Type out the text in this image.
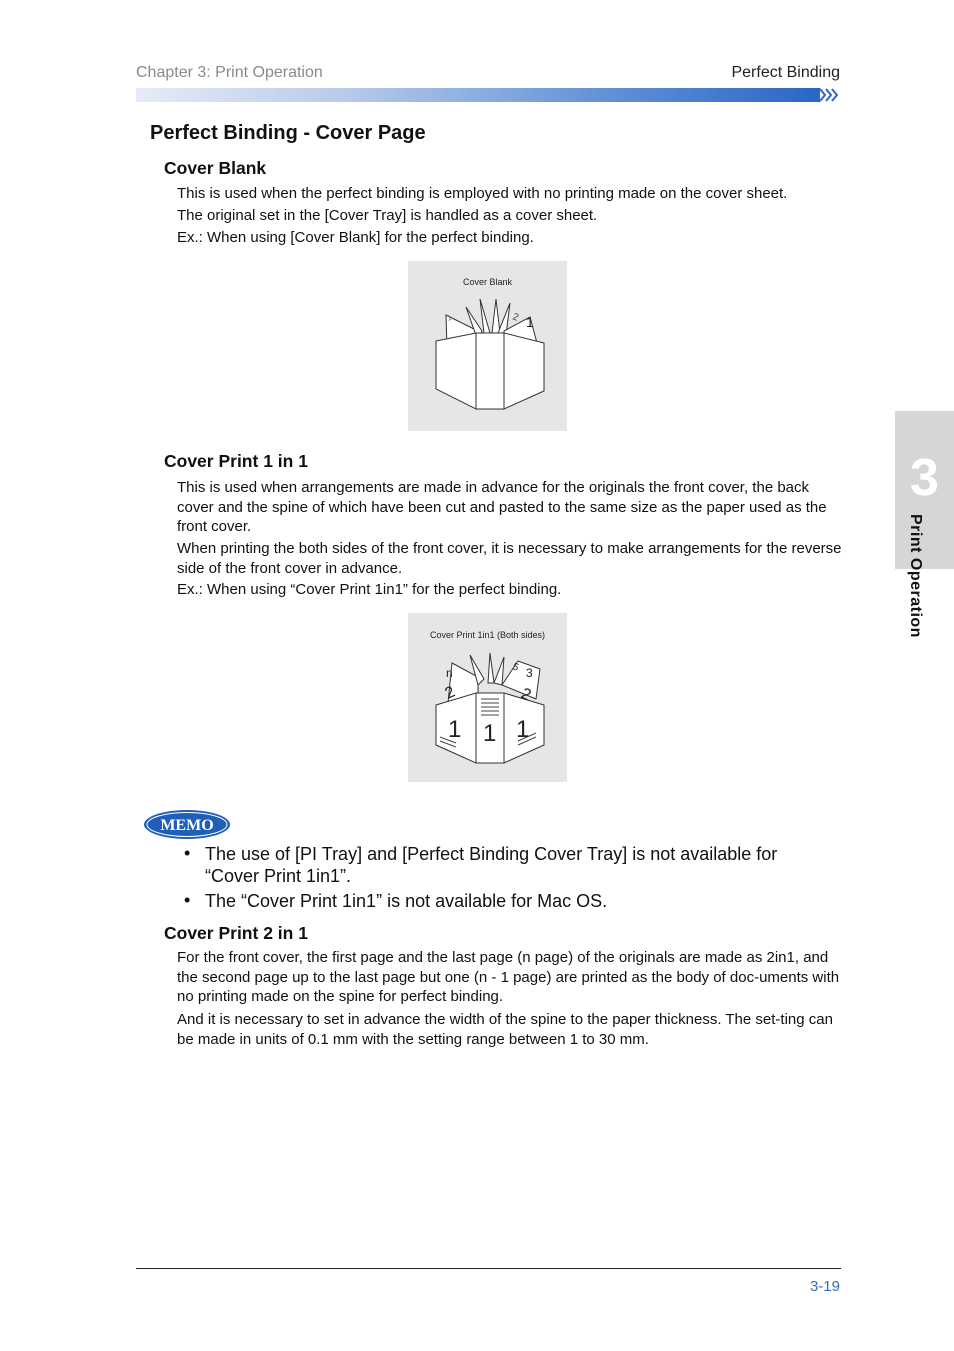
Chapter 3: Print Operation	Perfect Binding
3
Print Operation
Perfect Binding - Cover Page
Cover Blank
This is used when the perfect binding is employed with no printing made on the cover sheet.
The original set in the [Cover Tray] is handled as a cover sheet.
Ex.: When using [Cover Blank] for the perfect binding.
Cover Blank
1
2
1
Cover Print 1 in 1
This is used when arrangements are made in advance for the originals the front cover, the back cover and the spine of which have been cut and pasted to the same size as the paper used as the front cover.
When printing the both sides of the front cover, it is necessary to make arrangements for the reverse side of the front cover in advance.
Ex.: When using “Cover Print 1in1” for the perfect binding.
Cover Print 1in1 (Both sides)
n	5 3
2	2
1 1 1
MEMO
• The use of [PI Tray] and [Perfect Binding Cover Tray] is not available for “Cover Print 1in1”.
• The “Cover Print 1in1” is not available for Mac OS.
Cover Print 2 in 1
For the front cover, the first page and the last page (n page) of the originals are made as 2in1, and the second page up to the last page but one (n - 1 page) are printed as the body of doc-uments with no printing made on the spine for perfect binding.
And it is necessary to set in advance the width of the spine to the paper thickness. The set-ting can be made in units of 0.1 mm with the setting range between 1 to 30 mm.
3-19
